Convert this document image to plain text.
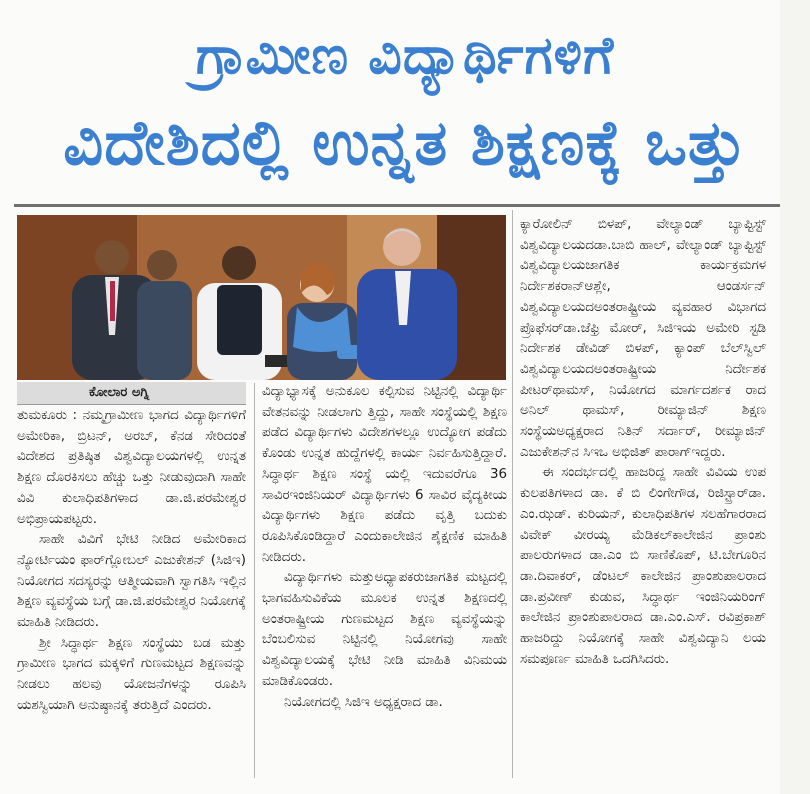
ಗ್ರಾಮೀಣ ವಿದ್ಯಾರ್ಥಿಗಳಿಗೆ
ವಿದೇಶಿದಲ್ಲಿ ಉನ್ನತ ಶಿಕ್ಷಣಕ್ಕೆ ಒತ್ತು
ಕೋಲಾರ ಅಗ್ನಿ

ತುಮಕೂರು : ನಮ್ಮಗ್ರಾಮೀಣ ಭಾಗದ ವಿದ್ಯಾರ್ಥಿಗಳಿಗೆ ಅಮೇರಿಕಾ, ಬ್ರಿಟನ್, ಅರಬ್, ಕೆನಡ ಸೇರಿದಂತೆ ವಿದೇಶದ ಪ್ರತಿಷ್ಠಿತ ವಿಶ್ವವಿದ್ಯಾಲಯಗಳಲ್ಲಿ ಉನ್ನತ ಶಿಕ್ಷಣ ದೊರಕಿಸಲು ಹೆಚ್ಚು ಒತ್ತು ನೀಡುವುದಾಗಿ ಸಾಹೇ ವಿವಿ ಕುಲಾಧಿಪತಿಗಳಾದ ಡಾ.ಜಿ.ಪರಮೇಶ್ವರ ಅಭಿಪ್ರಾಯಪಟ್ಟರು.

ಸಾಹೇ ವಿವಿಗೆ ಭೇಟಿ ನೀಡಿದ ಅಮೇರಿಕಾದ ನ್ಯೋರ್ಟಿಯಂ ಫಾರ್‌ಗ್ಲೋಬಲ್ ಎಜುಕೇಶನ್ (ಸಿಜಿಇ) ನಿಯೋಗದ ಸದಸ್ಯರನ್ನು ಆತ್ಮೀಯವಾಗಿ ಸ್ವಾಗತಿಸಿ ಇಲ್ಲಿನ ಶಿಕ್ಷಣ ವ್ಯವಸ್ಥೆಯ ಬಗ್ಗೆ ಡಾ.ಜಿ.ಪರಮೇಶ್ವರ ನಿಯೋಗಕ್ಕೆ ಮಾಹಿತಿ ನೀಡಿದರು.

ಶ್ರೀ ಸಿದ್ಧಾರ್ಥ ಶಿಕ್ಷಣ ಸಂಸ್ಥೆಯು ಬಡ ಮತ್ತು ಗ್ರಾಮೀಣ ಭಾಗದ ಮಕ್ಕಳಿಗೆ ಗುಣಮಟ್ಟದ ಶಿಕ್ಷಣವನ್ನು ನೀಡಲು ಹಲವು ಯೋಜನೆಗಳನ್ನು ರೂಪಿಸಿ ಯಶಸ್ವಿಯಾಗಿ ಅನುಷ್ಠಾನಕ್ಕೆ ತರುತ್ತಿದೆ ಎಂದರು.

ವಿದ್ಯಾಭ್ಯಾಸಕ್ಕೆ ಅನುಕೂಲ ಕಲ್ಪಿಸುವ ನಿಟ್ಟಿನಲ್ಲಿ ವಿದ್ಯಾರ್ಥಿ ವೇತನವನ್ನು ನೀಡಲಾಗು ತ್ತಿದ್ದು, ಸಾಹೇ ಸಂಸ್ಥೆಯಲ್ಲಿ ಶಿಕ್ಷಣ ಪಡೆದ ವಿದ್ಯಾರ್ಥಿಗಳು ವಿದೇಶಗಳಲ್ಲೂ ಉದ್ಯೋಗ ಪಡೆದು ಕೊಂಡು ಉನ್ನತ ಹುದ್ದೆಗಳಲ್ಲಿ ಕಾರ್ಯ ನಿರ್ವಹಿಸುತ್ತಿದ್ದಾರೆ. ಸಿದ್ಧಾರ್ಥ ಶಿಕ್ಷಣ ಸಂಸ್ಥೆ ಯಲ್ಲಿ ಇದುವರೆಗೂ 36 ಸಾವಿರಇಂಜಿನಿಯರ್ ವಿದ್ಯಾರ್ಥಿಗಳು 6 ಸಾವಿರ ವೈದ್ಯಕೀಯ ವಿದ್ಯಾರ್ಥಿಗಳು ಶಿಕ್ಷಣ ಪಡೆದು ವೃತ್ತಿ ಬದುಕು ರೂಪಿಸಿಕೊಂಡಿದ್ದಾರೆ ಎಂದುಕಾಲೇಜಿನ ಶೈಕ್ಷಣಿಕ ಮಾಹಿತಿ ನೀಡಿದರು.

ವಿದ್ಯಾರ್ಥಿಗಳು ಮತ್ತುಅಧ್ಯಾಪಕರುಜಾಗತಿಕ ಮಟ್ಟದಲ್ಲಿ ಭಾಗವಹಿಸುವಿಕೆಯ ಮೂಲಕ ಉನ್ನತ ಶಿಕ್ಷಣದಲ್ಲಿ ಅಂತರಾಷ್ಟ್ರೀಯ ಗುಣಮಟ್ಟದ ಶಿಕ್ಷಣ ವ್ಯವಸ್ಥೆಯನ್ನು ಬೆಂಬಲಿಸುವ ನಿಟ್ಟಿನಲ್ಲಿ ನಿಯೋಗವು ಸಾಹೇ ವಿಶ್ವವಿದ್ಯಾಲಯಕ್ಕೆ ಭೇಟಿ ನೀಡಿ ಮಾಹಿತಿ ವಿನಿಮಯ ಮಾಡಿಕೊಂಡರು.

ನಿಯೋಗದಲ್ಲಿ ಸಿಜಿಇ ಅಧ್ಯಕ್ಷರಾದ ಡಾ.

ಕ್ಯಾರೋಲಿನ್ ಬಿಳಪ್, ವೇಲ್ಯಾಂಡ್ ಬ್ಯಾಪ್ಟಿಸ್ಟ್ ವಿಶ್ವವಿದ್ಯಾಲಯದಡಾ.ಬಾಬಿ ಹಾಲ್, ವೇಲ್ಯಾಂಡ್ ಬ್ಯಾಪ್ಟಿಸ್ಟ್ ವಿಶ್ವವಿದ್ಯಾಲಯಜಾಗತಿಕ ಕಾರ್ಯಕ್ರಮಗಳ ನಿರ್ದೇಶಕರಾನ್‌ಆಶ್ಲೇ, ಆಂಡರ್ಸನ್ ವಿಶ್ವವಿದ್ಯಾಲಯದಅಂತರಾಷ್ಟ್ರೀಯ ವ್ಯವಹಾರ ವಿಭಾಗದ ಪ್ರೊಫೆಸರ್‌ಡಾ.ಜೆಫ್ರಿ ಮೋರ್, ಸಿಜಿಇಯ ಅಮೇರಿ ಸ್ಟಡಿ ನಿರ್ದೇಶಕ ಡೇವಿಡ್ ಬಿಳಪ್, ಕ್ಯಾಂಪ್ ಬೆಲ್‌ಸ್ವಿಲ್ ವಿಶ್ವವಿದ್ಯಾಲಯದಅಂತರಾಷ್ಟ್ರೀಯ ನಿರ್ದೇಶಕ ಪೀಟರ್‌ಥಾಮಸ್, ನಿಯೋಗದ ಮಾರ್ಗದರ್ಶಕ ರಾದ ಅನಿಲ್ ಥಾಮಸ್, ರೀಮ್ಯಾಜಿನ್ ಶಿಕ್ಷಣ ಸಂಸ್ಥೆಯಅಧ್ಯಕ್ಷರಾದ ನಿತಿನ್ ಸರ್ದಾರ್, ರೀಮ್ಯಾಜಿನ್ ಎಜುಕೇಶನ್‌ನ ಸಿಇಒ ಅಭಿಜಿತ್ ಪಾರಾಗ್ಇದ್ದರು.

ಈ ಸಂದರ್ಭದಲ್ಲಿ ಹಾಜರಿದ್ದ ಸಾಹೇ ವಿವಿಯ ಉಪ ಕುಲಪತಿಗಳಾದ ಡಾ. ಕೆ ಬಿ ಲಿಂಗೇಗೌಡ, ರಿಜಿಸ್ಟ್ರಾರ್‌ಡಾ. ಎಂ.ಝಡ್. ಕುರಿಯನ್, ಕುಲಾಧಿಪತಿಗಳ ಸಲಹೆಗಾರರಾದ ವಿವೇಕ್ ವೀರಯ್ಯ ಮೆಡಿಕಲ್‌ಕಾಲೇಜಿನ ಪ್ರಾಂಶು ಪಾಲರುಗಳಾದ ಡಾ.ಎಂ ಬಿ ಸಾಣಿಕೊಪ್, ಟಿ.ಬೇಗೂರಿನ ಡಾ.ದಿವಾಕರ್, ಡೆಂಟಲ್ ಕಾಲೇಜಿನ ಪ್ರಾಂಶುಪಾಲರಾದ ಡಾ.ಪ್ರವೀಣ್ ಕುಡುವ, ಸಿದ್ಧಾರ್ಥ ಇಂಜಿನಿಯರಿಂಗ್ ಕಾಲೇಜಿನ ಪ್ರಾಂಶುಪಾಲರಾದ ಡಾ.ಎಂ.ಎಸ್. ರವಿಪ್ರಕಾಶ್ ಹಾಜರಿದ್ದು ನಿಯೋಗಕ್ಕೆ ಸಾಹೇ ವಿಶ್ವವಿದ್ಯಾನಿ ಲಯ ಸಮಪೂರ್ಣ ಮಾಹಿತಿ ಒದಗಿಸಿದರು.
